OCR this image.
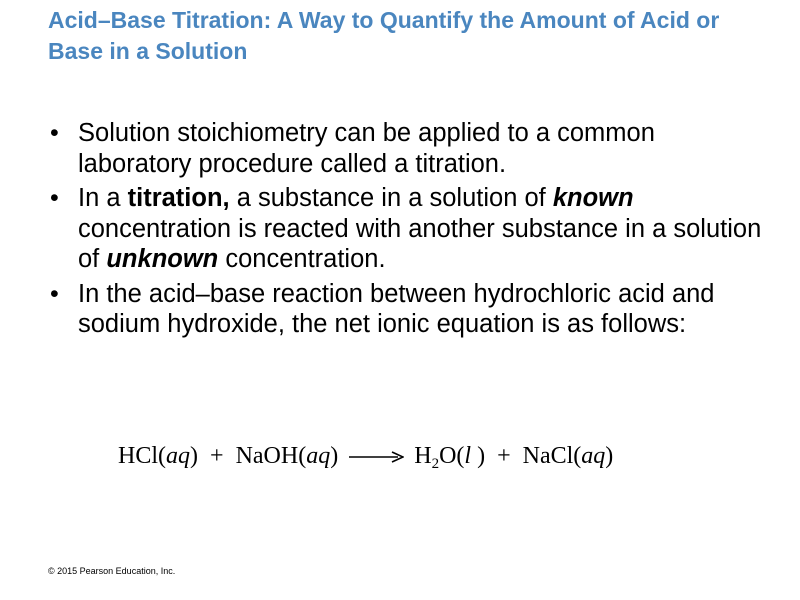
Acid–Base Titration: A Way to Quantify the Amount of Acid or Base in a Solution
• Solution stoichiometry can be applied to a common laboratory procedure called a titration.
• In a titration, a substance in a solution of known concentration is reacted with another substance in a solution of unknown concentration.
• In the acid–base reaction between hydrochloric acid and sodium hydroxide, the net ionic equation is as follows:
HCl(aq)  + NaOH(aq) → $H_2O(l$ )  + NaCl(aq)
© 2015 Pearson Education, Inc.
